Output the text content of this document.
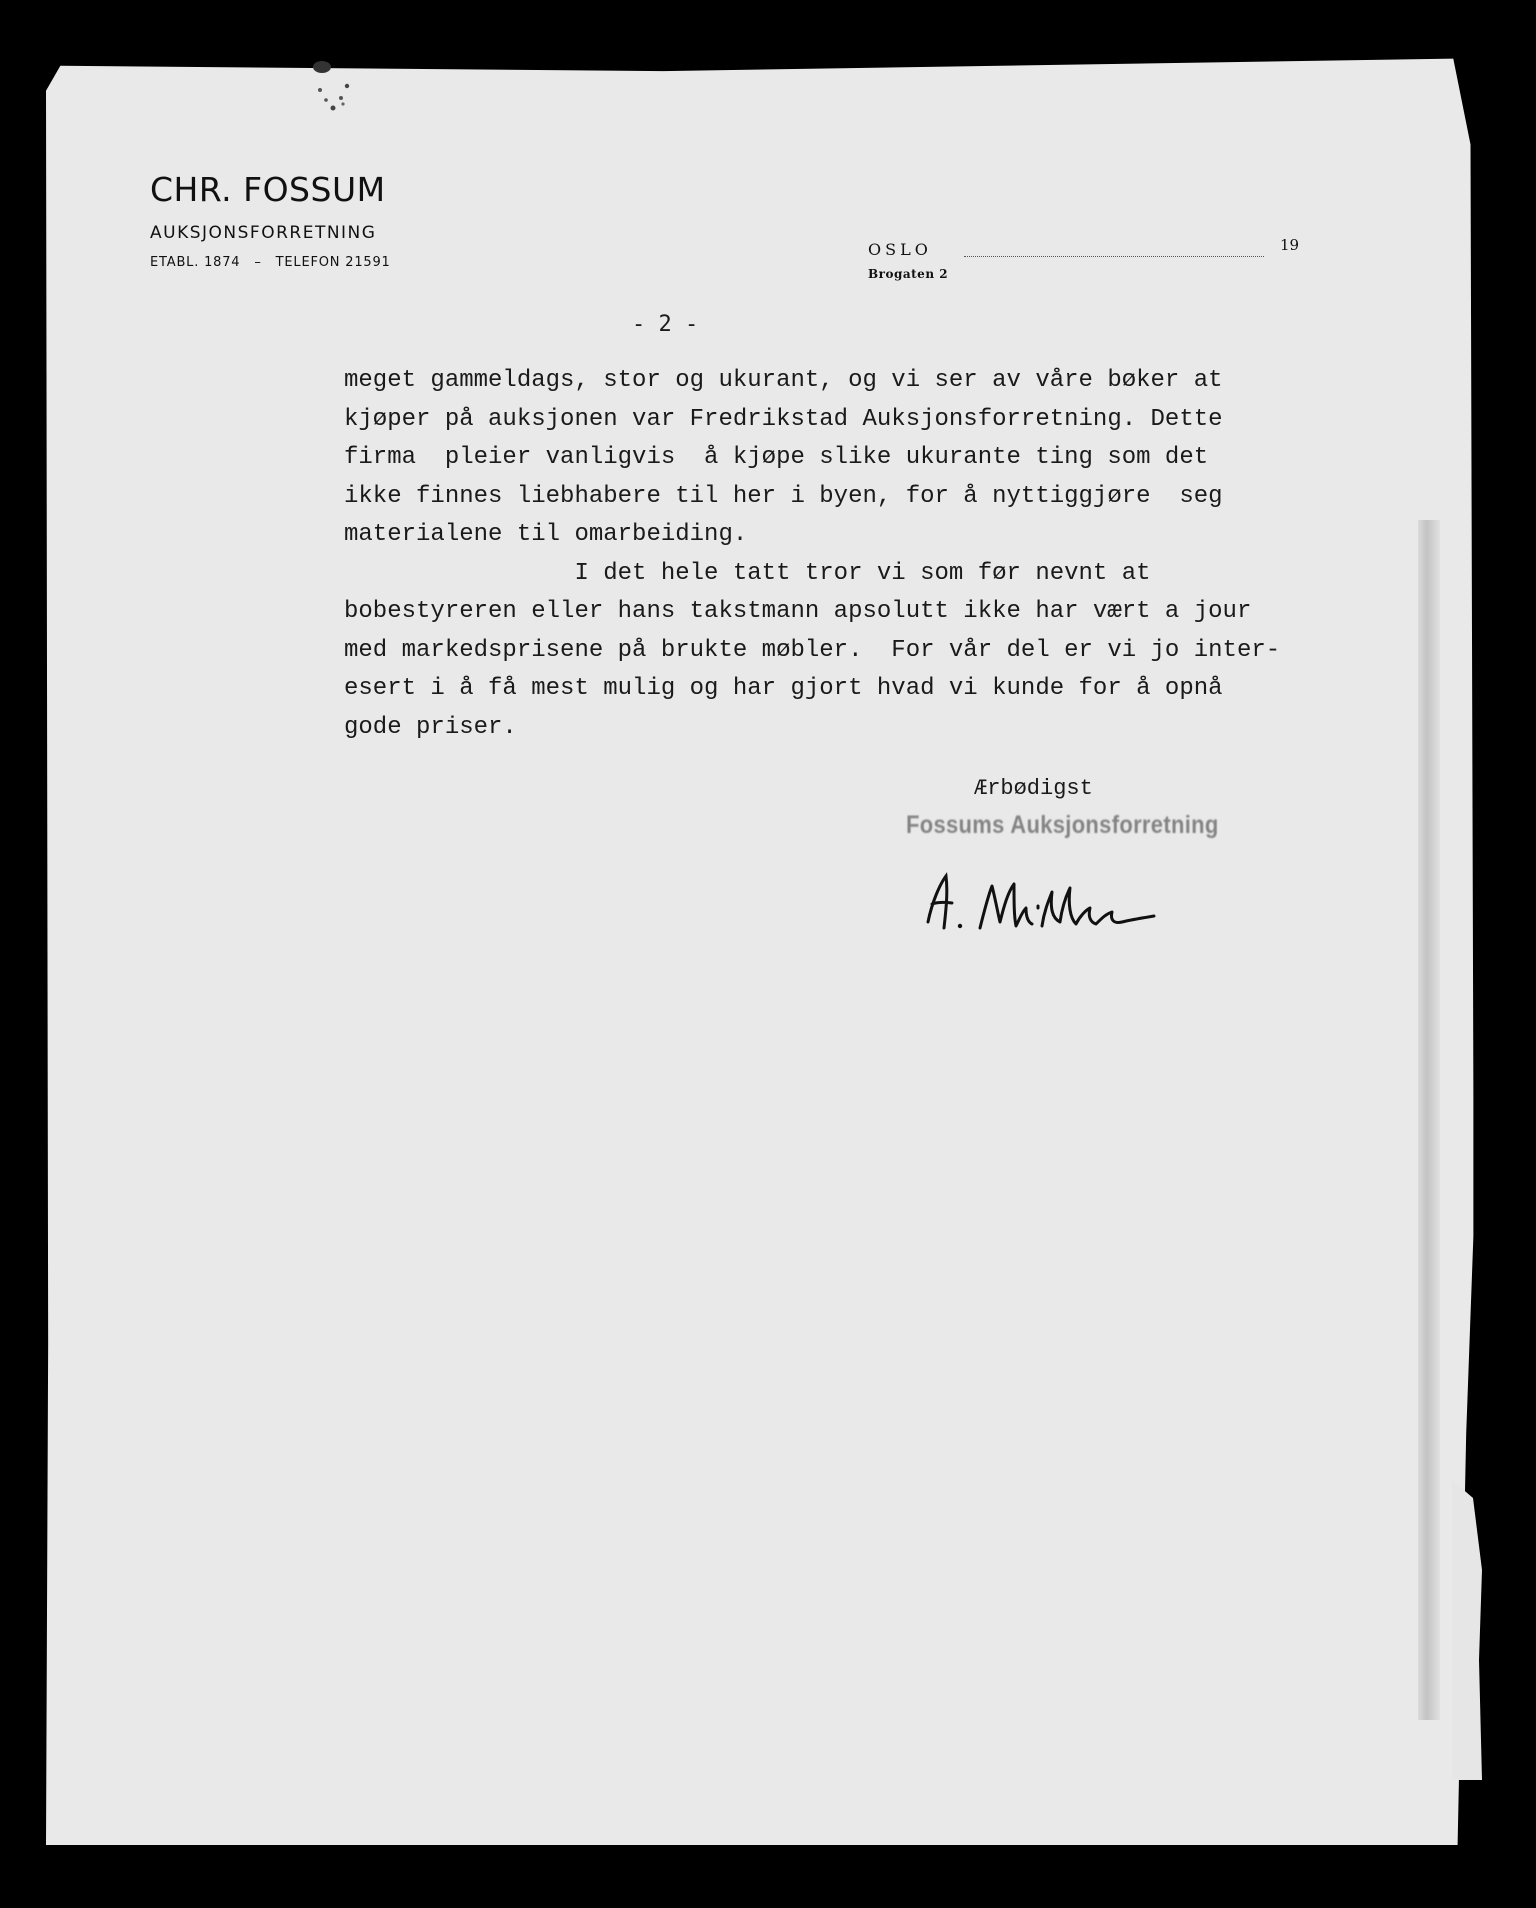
CHR. FOSSUM
AUKSJONSFORRETNING
ETABL. 1874 – TELEFON 21591
OSLO	19
Brogaten 2
- 2 -
meget gammeldags, stor og ukurant, og vi ser av våre bøker at
kjøper på auksjonen var Fredrikstad Auksjonsforretning. Dette
firma  pleier vanligvis  å kjøpe slike ukurante ting som det
ikke finnes liebhabere til her i byen, for å nyttiggjøre  seg
materialene til omarbeiding.
I det hele tatt tror vi som før nevnt at
bobestyreren eller hans takstmann apsolutt ikke har vært a jour
med markedsprisene på brukte møbler.  For vår del er vi jo inter-
esert i å få mest mulig og har gjort hvad vi kunde for å opnå
gode priser.
Ærbødigst
Fossums Auksjonsforretning
